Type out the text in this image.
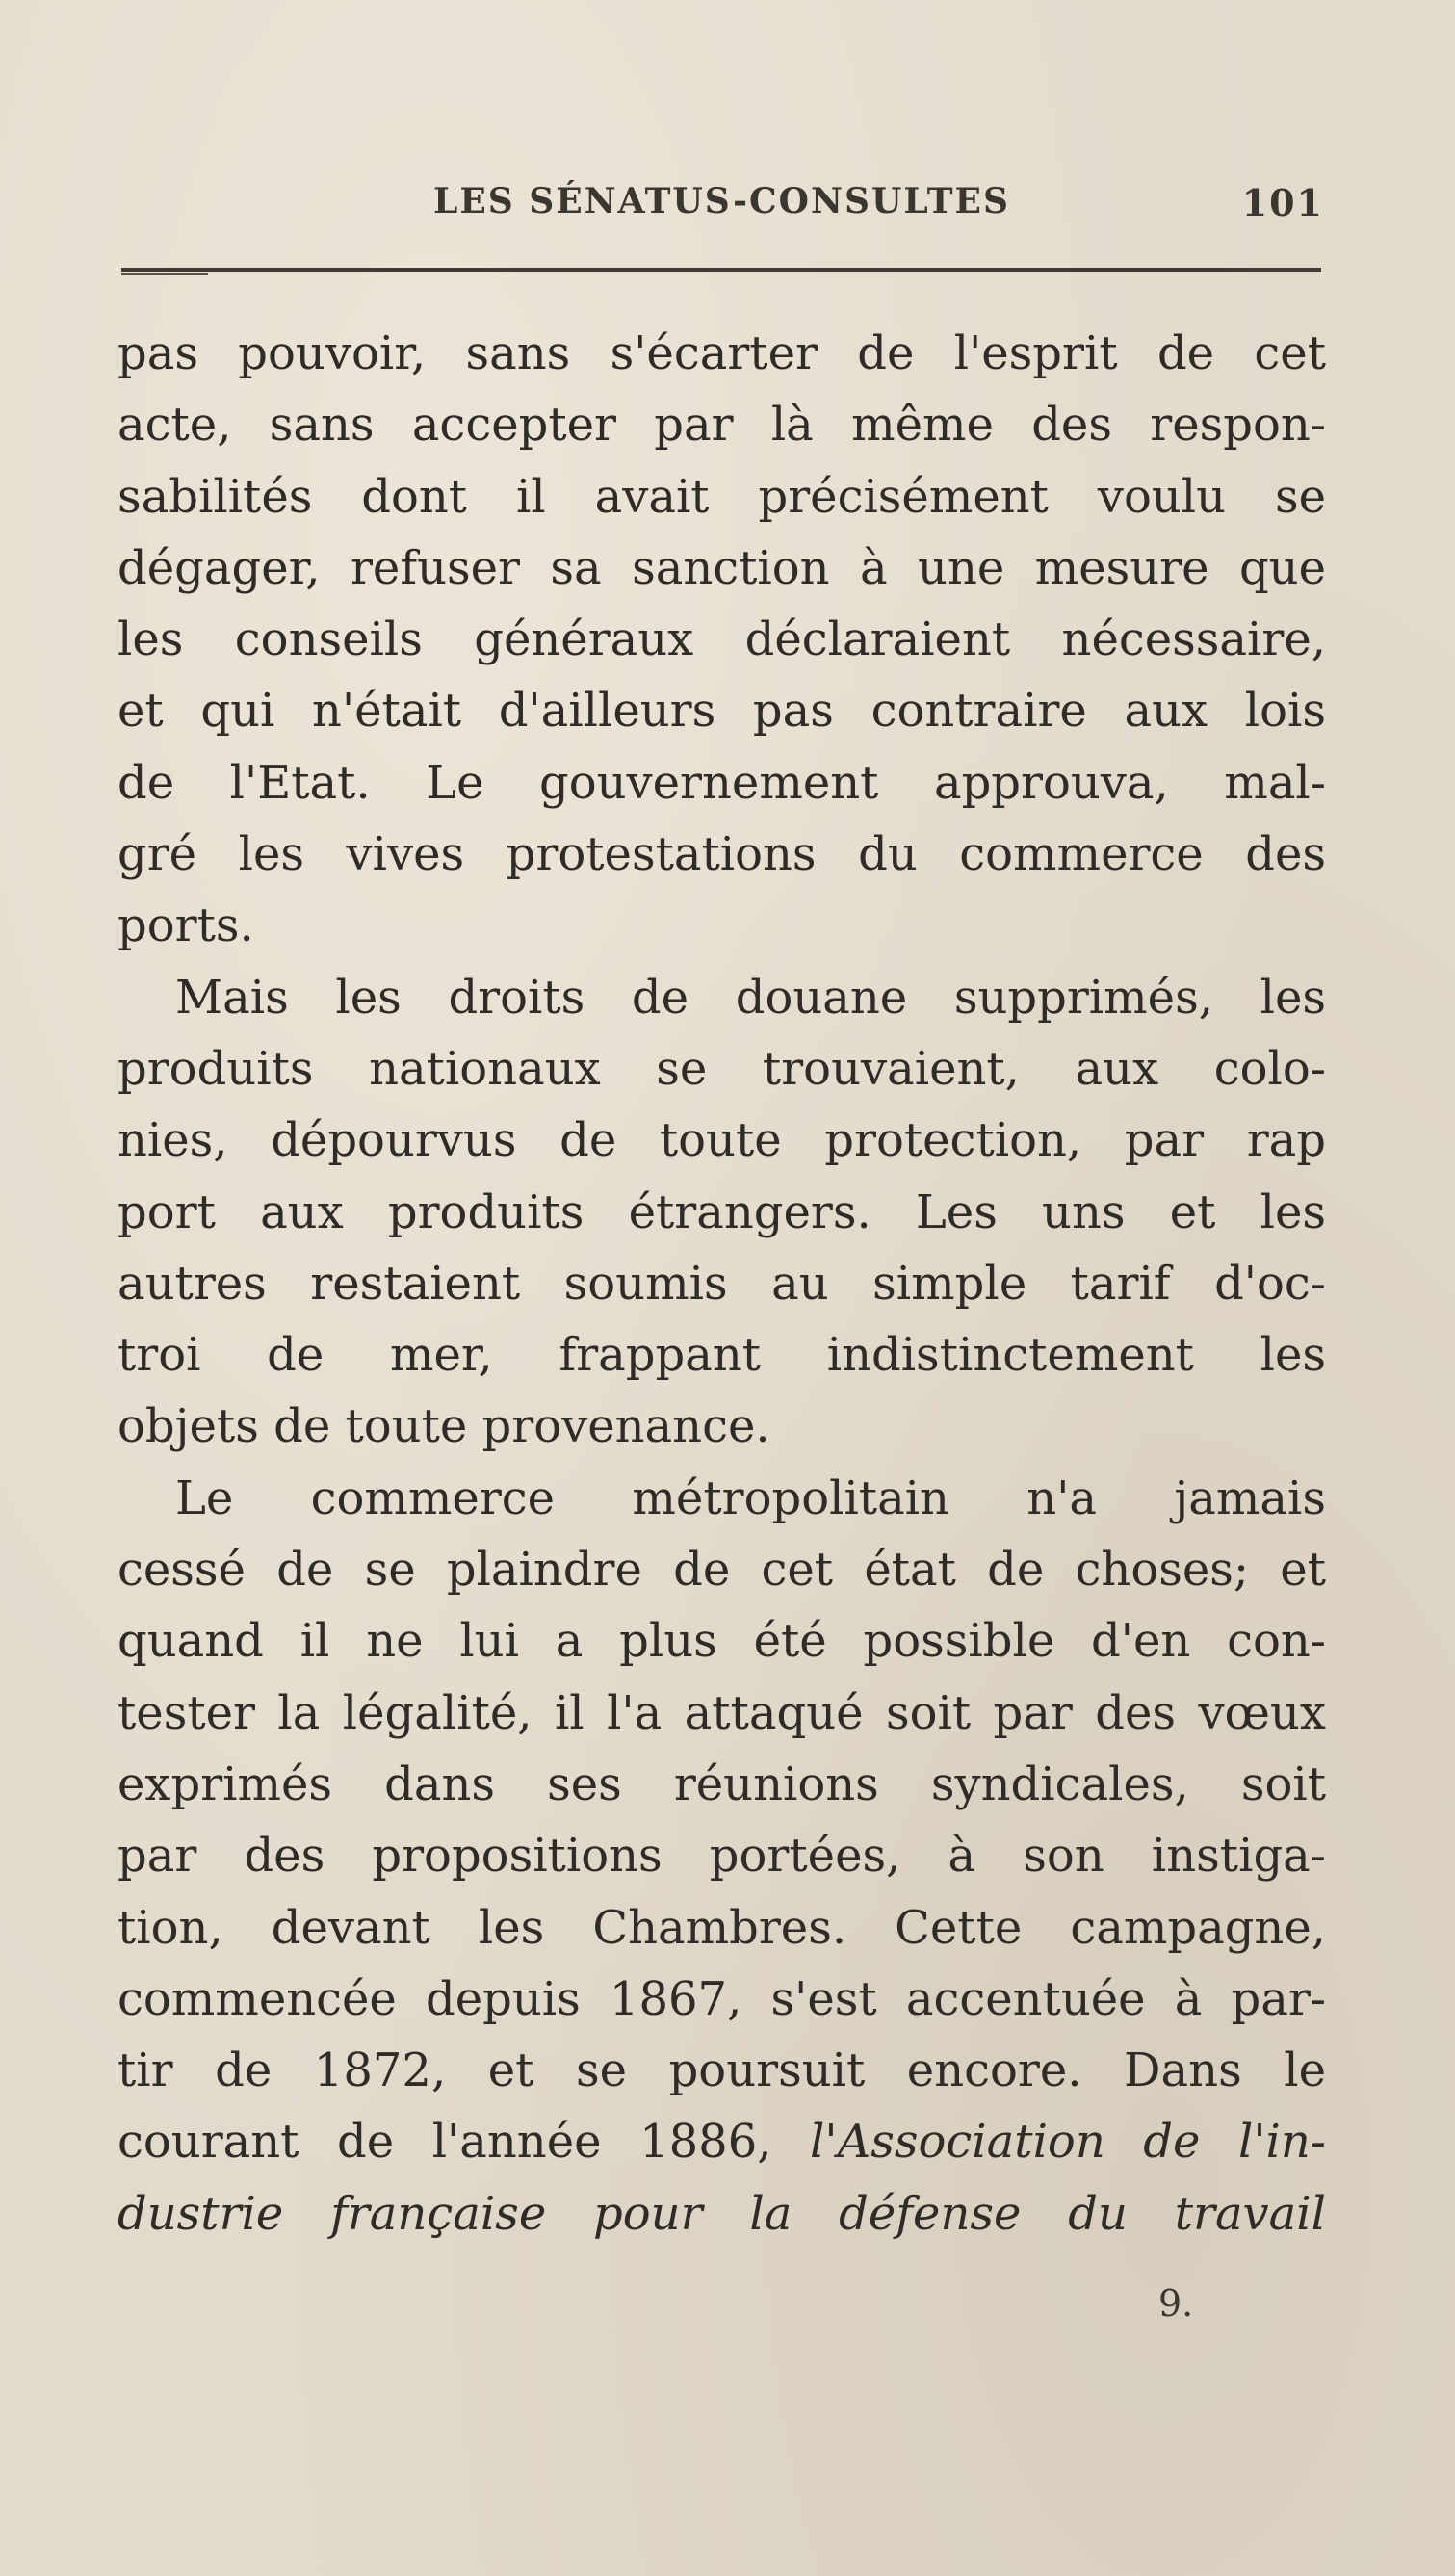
LES SÉNATUS-CONSULTES	101
pas pouvoir, sans s'écarter de l'esprit de cet
acte, sans accepter par là même des respon-
sabilités dont il avait précisément voulu se
dégager, refuser sa sanction à une mesure que
les conseils généraux déclaraient nécessaire,
et qui n'était d'ailleurs pas contraire aux lois
de l'Etat. Le gouvernement approuva, mal-
gré les vives protestations du commerce des
ports.
Mais les droits de douane supprimés, les
produits nationaux se trouvaient, aux colo-
nies, dépourvus de toute protection, par rap
port aux produits étrangers. Les uns et les
autres restaient soumis au simple tarif d'oc-
troi de mer, frappant indistinctement les
objets de toute provenance.
Le commerce métropolitain n'a jamais
cessé de se plaindre de cet état de choses; et
quand il ne lui a plus été possible d'en con-
tester la légalité, il l'a attaqué soit par des vœux
exprimés dans ses réunions syndicales, soit
par des propositions portées, à son instiga-
tion, devant les Chambres. Cette campagne,
commencée depuis 1867, s'est accentuée à par-
tir de 1872, et se poursuit encore. Dans le
courant de l'année 1886, l'Association de l'in-
dustrie française pour la défense du travail
9.
